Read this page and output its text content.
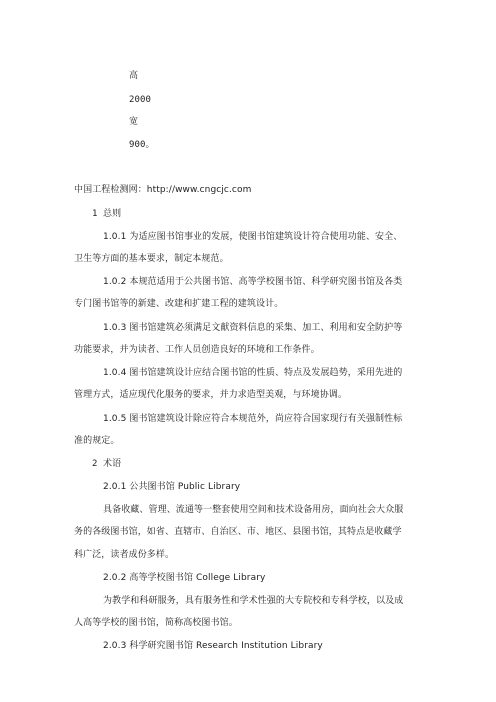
高
2000
宽
900。
中国工程检测网：http://www.cngcjc.com
1 总则
1.0.1 为适应图书馆事业的发展，使图书馆建筑设计符合使用功能、安全、
卫生等方面的基本要求，制定本规范。
1.0.2 本规范适用于公共图书馆、高等学校图书馆、科学研究图书馆及各类
专门图书馆等的新建、改建和扩建工程的建筑设计。
1.0.3 图书馆建筑必须满足文献资料信息的采集、加工、利用和安全防护等
功能要求，并为读者、工作人员创造良好的环境和工作条件。
1.0.4 图书馆建筑设计应结合图书馆的性质、特点及发展趋势，采用先进的
管理方式，适应现代化服务的要求，并力求造型美观，与环境协调。
1.0.5 图书馆建筑设计除应符合本规范外，尚应符合国家现行有关强制性标
准的规定。
2 术语
2.0.1 公共图书馆 Public Library
具备收藏、管理、流通等一整套使用空间和技术设备用房，面向社会大众服
务的各级图书馆，如省、直辖市、自治区、市、地区、县图书馆，其特点是收藏学
科广泛，读者成份多样。
2.0.2 高等学校图书馆 College Library
为教学和科研服务，具有服务性和学术性强的大专院校和专科学校，以及成
人高等学校的图书馆，简称高校图书馆。
2.0.3 科学研究图书馆 Research Institution Library
